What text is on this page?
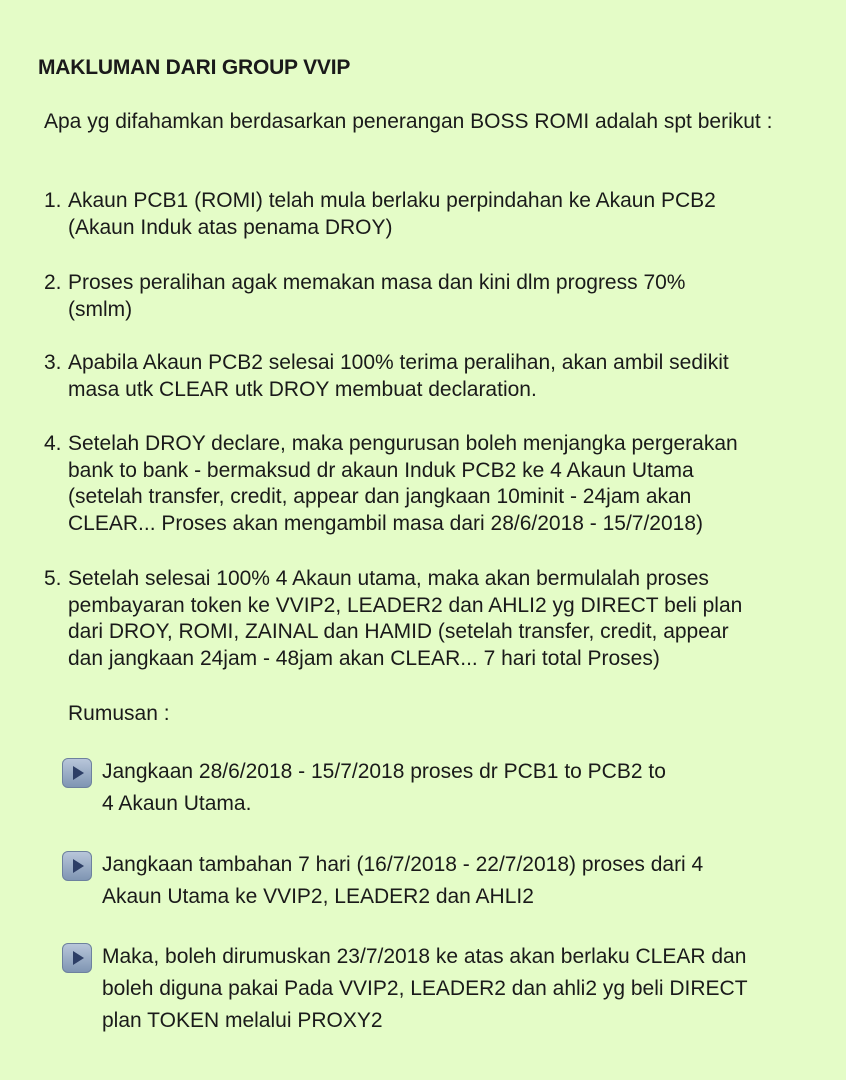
MAKLUMAN DARI GROUP VVIP
Apa yg difahamkan berdasarkan penerangan BOSS ROMI adalah spt berikut :
1. Akaun PCB1 (ROMI) telah mula berlaku perpindahan ke Akaun PCB2
(Akaun Induk atas penama DROY)
2. Proses peralihan agak memakan masa dan kini dlm progress 70%
(smlm)
3. Apabila Akaun PCB2 selesai 100% terima peralihan, akan ambil sedikit
masa utk CLEAR utk DROY membuat declaration.
4. Setelah DROY declare, maka pengurusan boleh menjangka pergerakan
bank to bank - bermaksud dr akaun Induk PCB2 ke 4 Akaun Utama
(setelah transfer, credit, appear dan jangkaan 10minit - 24jam akan
CLEAR... Proses akan mengambil masa dari 28/6/2018 - 15/7/2018)
5. Setelah selesai 100% 4 Akaun utama, maka akan bermulalah proses
pembayaran token ke VVIP2, LEADER2 dan AHLI2 yg DIRECT beli plan
dari DROY, ROMI, ZAINAL dan HAMID (setelah transfer, credit, appear
dan jangkaan 24jam - 48jam akan CLEAR... 7 hari total Proses)
Rumusan :
Jangkaan 28/6/2018 - 15/7/2018 proses dr PCB1 to PCB2 to
4 Akaun Utama.
Jangkaan tambahan 7 hari (16/7/2018 - 22/7/2018) proses dari 4
Akaun Utama ke VVIP2, LEADER2 dan AHLI2
Maka, boleh dirumuskan 23/7/2018 ke atas akan berlaku CLEAR dan
boleh diguna pakai Pada VVIP2, LEADER2 dan ahli2 yg beli DIRECT
plan TOKEN melalui PROXY2
